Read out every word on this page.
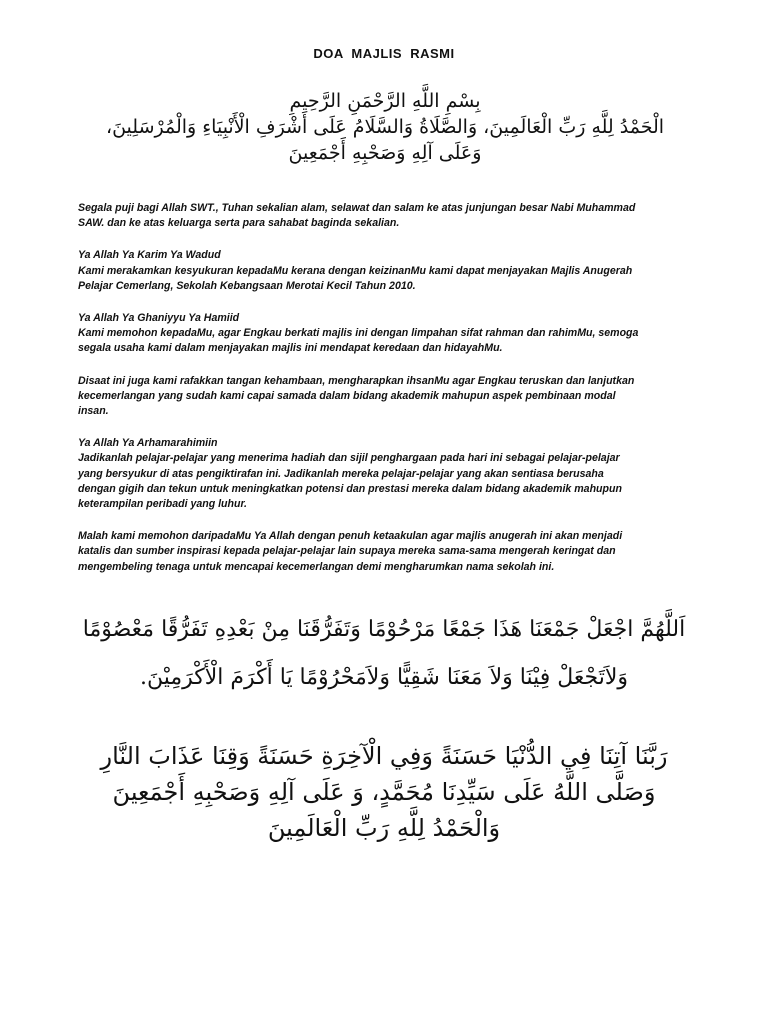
DOA MAJLIS RASMI
بِسْمِ اللَّهِ الرَّحْمَنِ الرَّحِيمِ
الْحَمْدُ لِلَّهِ رَبِّ الْعَالَمِينَ، وَالصَّلَاةُ وَالسَّلَامُ عَلَى أَشْرَفِ الْأَنْبِيَاءِ وَالْمُرْسَلِينَ،
وَعَلَى آلِهِ وَصَحْبِهِ أَجْمَعِينَ
Segala puji bagi Allah SWT., Tuhan sekalian alam, selawat dan salam ke atas junjungan besar Nabi Muhammad
SAW. dan ke atas keluarga serta para sahabat baginda sekalian.
Ya Allah Ya Karim Ya Wadud
Kami merakamkan kesyukuran kepadaMu kerana dengan keizinanMu kami dapat menjayakan Majlis Anugerah
Pelajar Cemerlang, Sekolah Kebangsaan Merotai Kecil Tahun 2010.
Ya Allah Ya Ghaniyyu Ya Hamiid
Kami memohon kepadaMu, agar Engkau berkati majlis ini dengan limpahan sifat rahman dan rahimMu, semoga
segala usaha kami dalam menjayakan majlis ini mendapat keredaan dan hidayahMu.
Disaat ini juga kami rafakkan tangan kehambaan, mengharapkan ihsanMu agar Engkau teruskan dan lanjutkan
kecemerlangan yang sudah kami capai samada dalam bidang akademik mahupun aspek pembinaan modal
insan.
Ya Allah Ya Arhamarahimiin
Jadikanlah pelajar-pelajar yang menerima hadiah dan sijil penghargaan pada hari ini sebagai pelajar-pelajar
yang bersyukur di atas pengiktirafan ini. Jadikanlah mereka pelajar-pelajar yang akan sentiasa berusaha
dengan gigih dan tekun untuk meningkatkan potensi dan prestasi mereka dalam bidang akademik mahupun
keterampilan peribadi yang luhur.
Malah kami memohon daripadaMu Ya Allah dengan penuh ketaakulan agar majlis anugerah ini akan menjadi
katalis dan sumber inspirasi kepada pelajar-pelajar lain supaya mereka sama-sama mengerah keringat dan
mengembeling tenaga untuk mencapai kecemerlangan demi mengharumkan nama sekolah ini.
اَللَّهُمَّ اجْعَلْ جَمْعَنَا هَذَا جَمْعًا مَرْحُوْمًا وَتَفَرُّقَنَا مِنْ بَعْدِهِ تَفَرُّقًا مَعْصُوْمًا
وَلاَتَجْعَلْ فِيْنَا وَلاَ مَعَنَا شَقِيًّا وَلاَمَحْرُوْمًا يَا أَكْرَمَ الْأَكْرَمِيْنَ.
رَبَّنَا آتِنَا فِي الدُّنْيَا حَسَنَةً وَفِي الْآخِرَةِ حَسَنَةً وَقِنَا عَذَابَ النَّارِ
وَصَلَّى اللَّهُ عَلَى سَيِّدِنَا مُحَمَّدٍ، وَ عَلَى آلِهِ وَصَحْبِهِ أَجْمَعِينَ
وَالْحَمْدُ لِلَّهِ رَبِّ الْعَالَمِينَ
